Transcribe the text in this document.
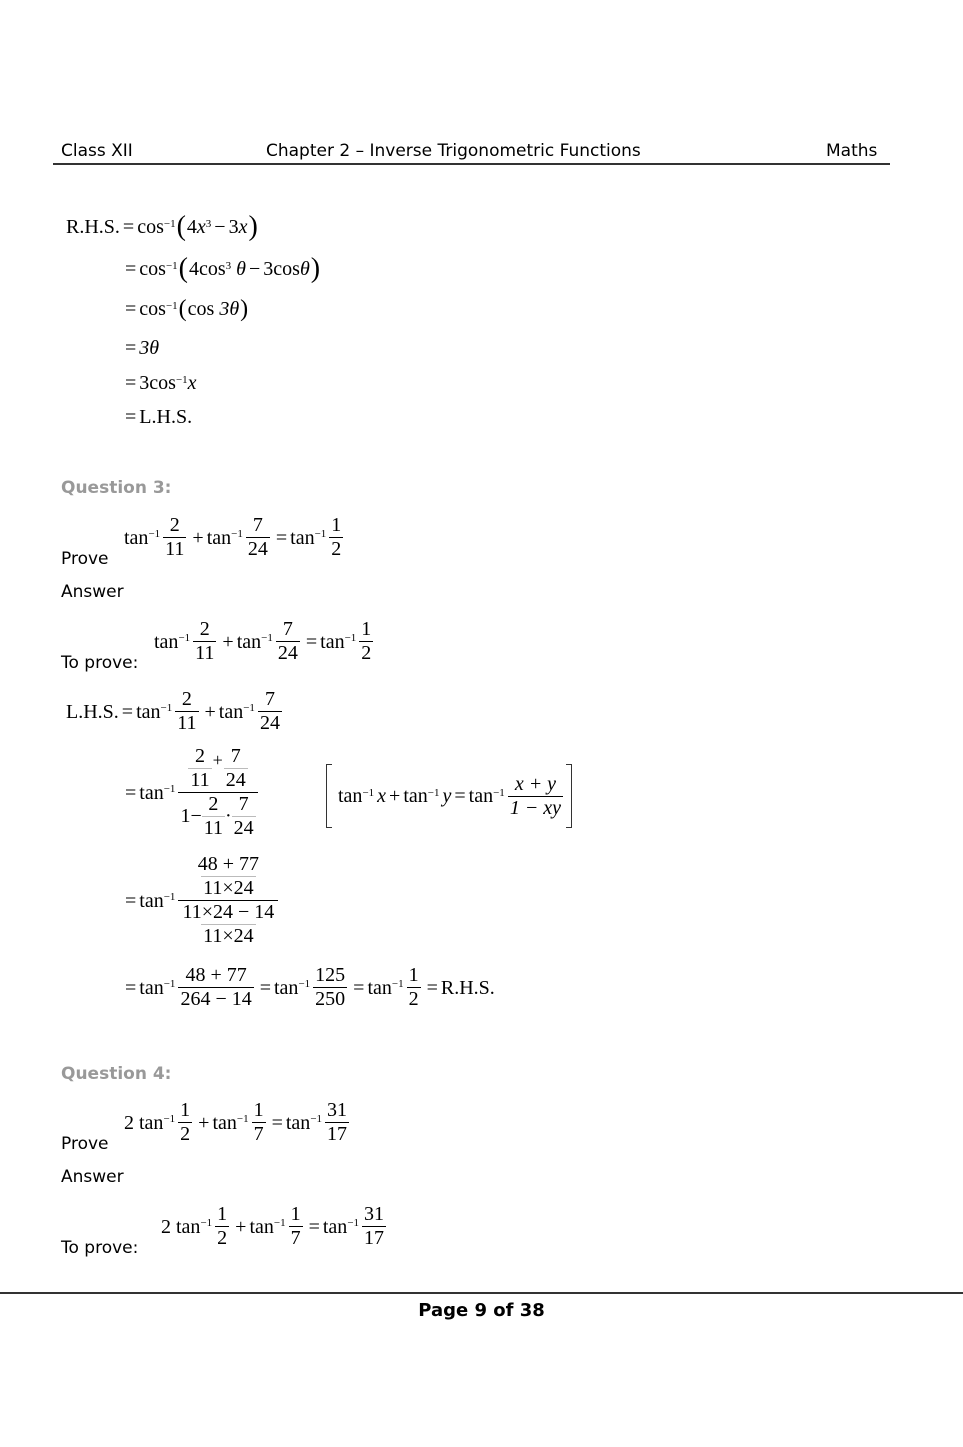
Class XII	Chapter 2 – Inverse Trigonometric Functions	Maths
R.H.S. = $\cos^{-1}$ ( 4 $x^3 - 3$ x )
= $\cos^{-1}$ ( 4 $\cos^3$
θ − 3 cos θ )
= $\cos^{-1}$ ( cos
3θ )
= 3θ
= 3 $\cos^{-1} x$
= L.H.S.
Question 3:
Prove
$\tan^{-1} \frac{2}{11} + \tan^{-1} \frac{7}{24} = \tan^{-1} \frac{1}{2}$
Answer
To prove:
$\tan^{-1} \frac{2}{11} + \tan^{-1} \frac{7}{24} = \tan^{-1} \frac{1}{2}$
L.H.S. = $\tan^{-1} \frac{2}{11} + \tan^{-1} \frac{7}{24}$
= $\tan^{-1} \frac{\frac{2}{11} + \frac{7}{24}}{1- \frac{2}{11} \cdot \frac{7}{24}}$	$\tan^{-1} x + \tan^{-1} y = \tan^{-1} \frac{x + y}{1 - xy}$
= $\tan^{-1} \frac{\frac{48 + 77}{11\times 24}}{\frac{11\times 24 - 14}{11\times 24}}$
= $\tan^{-1} \frac{48 + 77}{264 - 14} = \tan^{-1} \frac{125}{250} = \tan^{-1} \frac{1}{2} = R.H.S$.
Question 4:
Prove
2
$\tan^{-1} \frac{1}{2} + \tan^{-1} \frac{1}{7} = \tan^{-1} \frac{31}{17}$
Answer
To prove:
2
$\tan^{-1} \frac{1}{2} + \tan^{-1} \frac{1}{7} = \tan^{-1} \frac{31}{17}$
Page 9 of 38
